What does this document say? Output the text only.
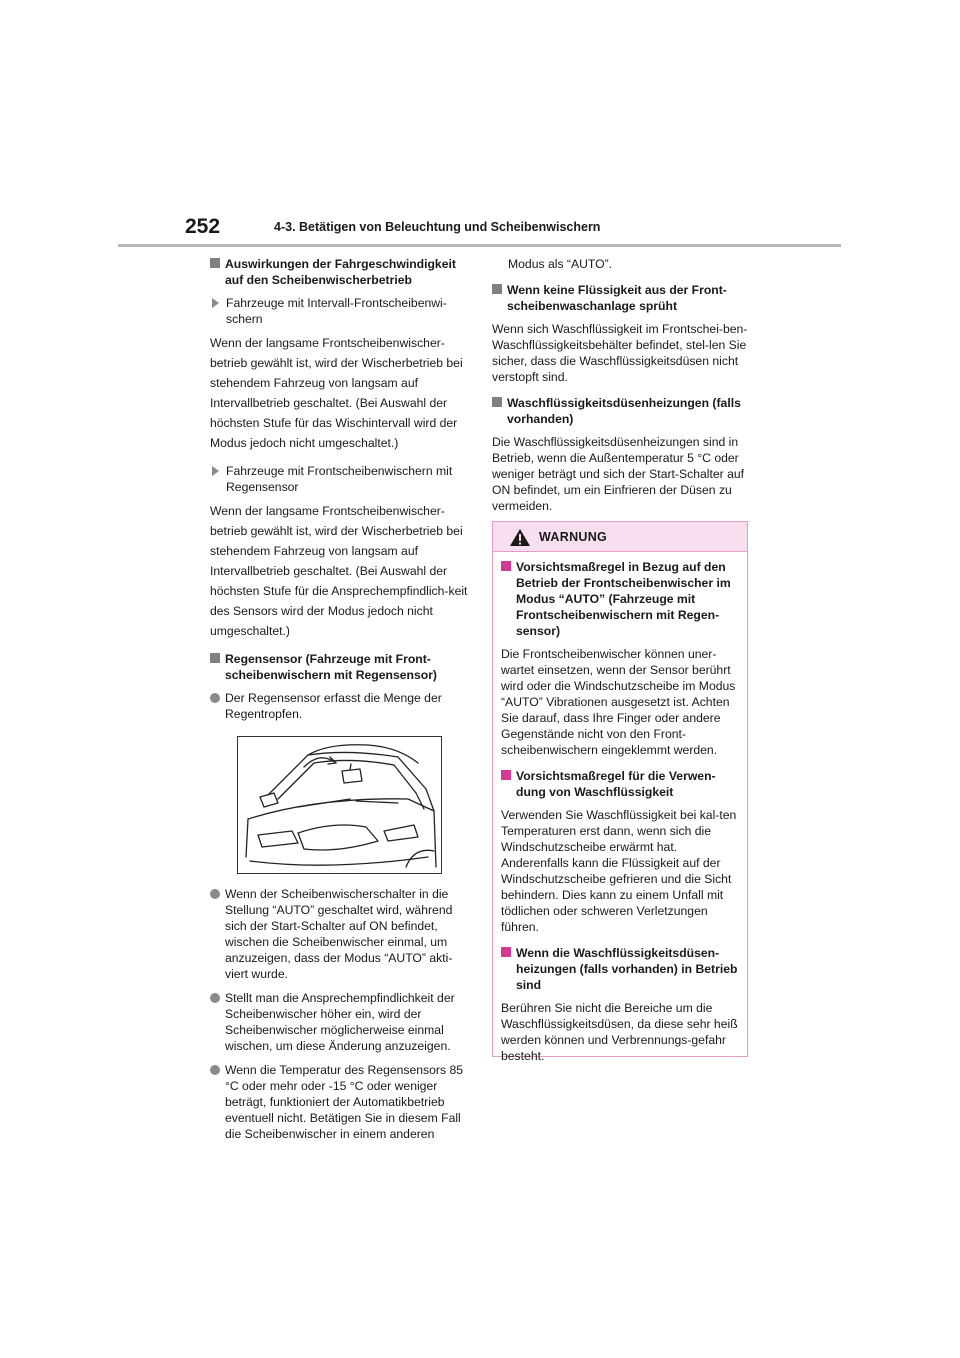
252	4-3. Betätigen von Beleuchtung und Scheibenwischern
Auswirkungen der Fahrgeschwindigkeit auf den Scheibenwischerbetrieb
Fahrzeuge mit Intervall-Frontscheibenwi-schern

Wenn der langsame Frontscheibenwischer-betrieb gewählt ist, wird der Wischerbetrieb bei stehendem Fahrzeug von langsam auf Intervallbetrieb geschaltet. (Bei Auswahl der höchsten Stufe für das Wischintervall wird der Modus jedoch nicht umgeschaltet.)

Fahrzeuge mit Frontscheibenwischern mit Regensensor

Wenn der langsame Frontscheibenwischer-betrieb gewählt ist, wird der Wischerbetrieb bei stehendem Fahrzeug von langsam auf Intervallbetrieb geschaltet. (Bei Auswahl der höchsten Stufe für die Ansprechempfindlich-keit des Sensors wird der Modus jedoch nicht umgeschaltet.)

Regensensor (Fahrzeuge mit Front-scheibenwischern mit Regensensor)
Der Regensensor erfasst die Menge der Regentropfen.
Wenn der Scheibenwischerschalter in die Stellung “AUTO” geschaltet wird, während sich der Start-Schalter auf ON befindet, wischen die Scheibenwischer einmal, um anzuzeigen, dass der Modus “AUTO” akti-viert wurde.
Stellt man die Ansprechempfindlichkeit der Scheibenwischer höher ein, wird der Scheibenwischer möglicherweise einmal wischen, um diese Änderung anzuzeigen.
Wenn die Temperatur des Regensensors 85 °C oder mehr oder -15 °C oder weniger beträgt, funktioniert der Automatikbetrieb eventuell nicht. Betätigen Sie in diesem Fall die Scheibenwischer in einem anderen

Modus als “AUTO”.

Wenn keine Flüssigkeit aus der Front-scheibenwaschanlage sprüht

Wenn sich Waschflüssigkeit im Frontschei-ben-Waschflüssigkeitsbehälter befindet, stel-len Sie sicher, dass die Waschflüssigkeitsdüsen nicht verstopft sind.

Waschflüssigkeitsdüsenheizungen (falls vorhanden)

Die Waschflüssigkeitsdüsenheizungen sind in Betrieb, wenn die Außentemperatur 5 °C oder weniger beträgt und sich der Start-Schalter auf ON befindet, um ein Einfrieren der Düsen zu vermeiden.

WARNUNG
Vorsichtsmaßregel in Bezug auf den Betrieb der Frontscheibenwischer im Modus “AUTO” (Fahrzeuge mit Frontscheibenwischern mit Regen-sensor)

Die Frontscheibenwischer können uner-wartet einsetzen, wenn der Sensor berührt wird oder die Windschutzscheibe im Modus “AUTO” Vibrationen ausgesetzt ist. Achten Sie darauf, dass Ihre Finger oder andere Gegenstände nicht von den Front-scheibenwischern eingeklemmt werden.

Vorsichtsmaßregel für die Verwen-dung von Waschflüssigkeit

Verwenden Sie Waschflüssigkeit bei kal-ten Temperaturen erst dann, wenn sich die Windschutzscheibe erwärmt hat. Anderenfalls kann die Flüssigkeit auf der Windschutzscheibe gefrieren und die Sicht behindern. Dies kann zu einem Unfall mit tödlichen oder schweren Verletzungen führen.

Wenn die Waschflüssigkeitsdüsen-heizungen (falls vorhanden) in Betrieb sind

Berühren Sie nicht die Bereiche um die Waschflüssigkeitsdüsen, da diese sehr heiß werden können und Verbrennungs-gefahr besteht.
